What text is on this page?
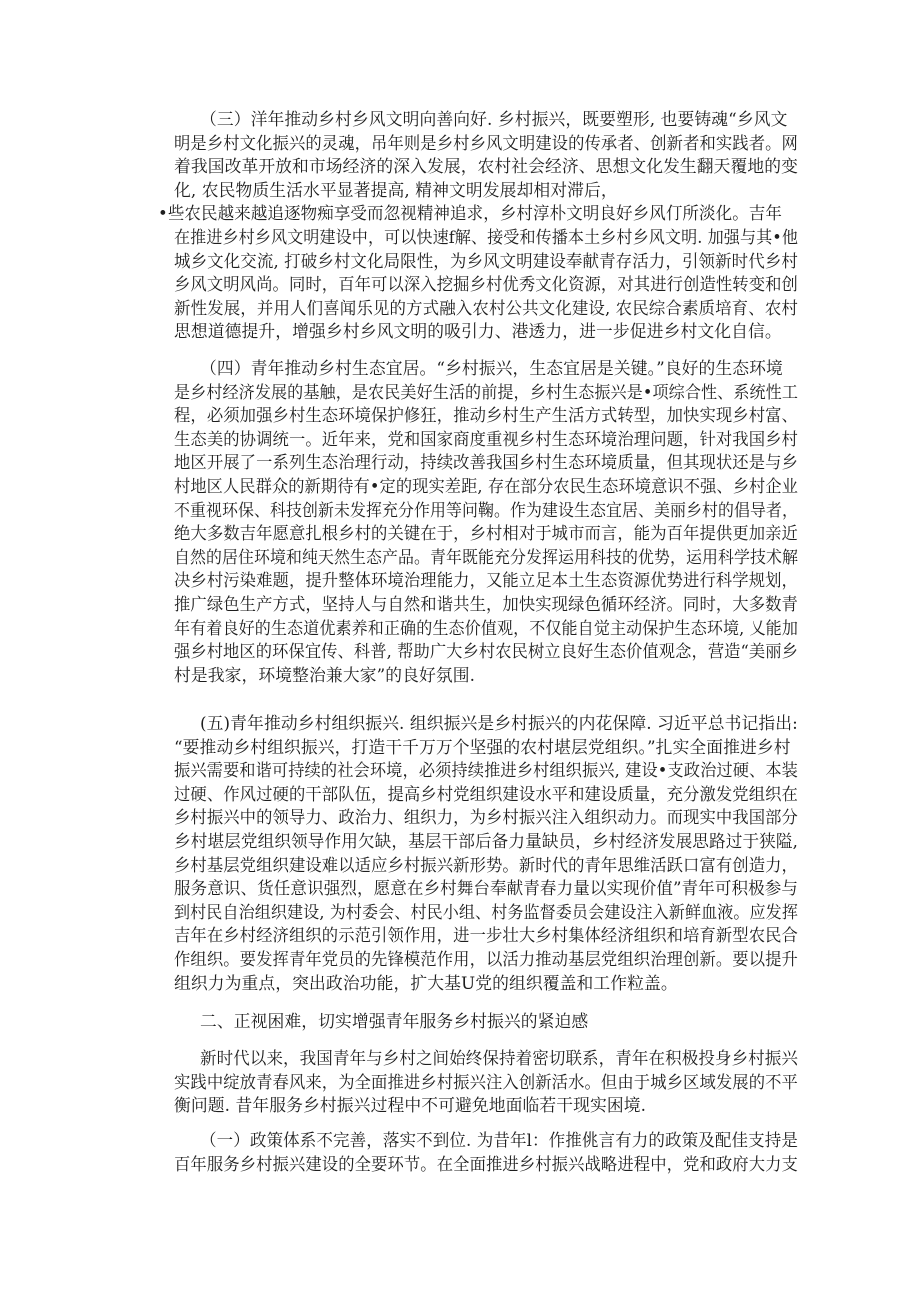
（三）洋年推动乡村乡风文明向善向好. 乡村振兴，既要塑形, 也要铸魂“乡风文
明是乡村文化振兴的灵魂，吊年则是乡村乡风文明建设的传承者、创新者和实践者。网
着我国改革开放和市场经济的深入发展，农村社会经济、思想文化发生翻天覆地的变
化, 农民物质生活水平显著提高, 精神文明发展却相对滞后，
•些农民越来越追逐物痴享受而忽视精神追求，乡村淳朴文明良好乡风仃所淡化。吉年
在推进乡村乡风文明建设中，可以快速f解、接受和传播本土乡村乡风文明. 加强与其•他
城乡文化交流, 打破乡村文化局限性，为乡风文明建设奉献青存活力，引领新时代乡村
乡风文明风尚。同时，百年可以深入挖掘乡村优秀文化资源，对其进行创造性转变和创
新性发展，并用人们喜闻乐见的方式融入农村公共文化建设, 农民综合素质培育、农村
思想道德提升，增强乡村乡风文明的吸引力、港透力，进一步促进乡村文化自信。
（四）青年推动乡村生态宜居。“乡村振兴，生态宜居是关键。”良好的生态环境
是乡村经济发展的基触，是农民美好生活的前提，乡村生态振兴是•项综合性、系统性工
程，必须加强乡村生态环境保护修狂，推动乡村生产生活方式转型，加快实现乡村富、
生态美的协调统一。近年来，党和国家商度重视乡村生态环境治理问题，针对我国乡村
地区开展了一系列生态治理行动，持续改善我国乡村生态环境质量，但其现状还是与乡
村地区人民群众的新期待有•定的现实差距, 存在部分农民生态环境意识不强、乡村企业
不重视环保、科技创新未发挥充分作用等问鞠。作为建设生态宜居、美丽乡村的倡导者，
绝大多数吉年愿意扎根乡村的关键在于，乡村相对于城市而言，能为百年提供更加亲近
自然的居住环境和纯天然生态产品。青年既能充分发挥运用科技的优势，运用科学技术解
决乡村污染难题，提升整体环境治理能力，又能立足本土生态资源优势进行科学规划，
推广绿色生产方式，坚持人与自然和谐共生，加快实现绿色循环经济。同时，大多数青
年有着良好的生态道优素养和正确的生态价值观，不仅能自觉主动保护生态环境, 乂能加
强乡村地区的环保宜传、科普, 帮助广大乡村农民树立良好生态价值观念，营造“美丽乡
村是我家，环境整治兼大家”的良好氛围.
(五)青年推动乡村组织振兴. 组织振兴是乡村振兴的内花保障. 习近平总书记指出:
“要推动乡村组织振兴，打造干千万万个坚强的农村堪层党组织。”扎实全面推进乡村
振兴需要和谐可持续的社会环境，必须持续推进乡村组织振兴, 建设•支政治过硬、本装
过硬、作风过硬的干部队伍，提高乡村党组织建设水平和建设质量，充分激发党组织在
乡村振兴中的领导力、政治力、组织力，为乡村振兴注入组织动力。而现实中我国部分
乡村堪层党组织领导作用欠缺，基层干部后备力量缺员，乡村经济发展思路过于狭隘,
乡村基层党组织建设难以适应乡村振兴新形势。新时代的青年思维活跃口富有创造力，
服务意识、货任意识强烈，愿意在乡村舞台奉献青春力量以实现价值”青年可积极参与
到村民自治组织建设, 为村委会、村民小组、村务监督委员会建设注入新鲜血液。应发挥
吉年在乡村经济组织的示范引领作用，进一步壮大乡村集体经济组织和培育新型农民合
作组织。要发挥青年党员的先锋模范作用，以活力推动基层党组织治理创新。要以提升
组织力为重点，突出政治功能，扩大基U党的组织覆盖和工作粒盖。
二、正视困难，切实增强青年服务乡村振兴的紧迫感
新时代以来，我国青年与乡村之间始终保持着密切联系，青年在积极投身乡村振兴
实践中绽放青春风来，为全面推进乡村振兴注入创新活水。但由于城乡区域发展的不平
衡问题. 昔年服务乡村振兴过程中不可避免地面临若干现实困境.
（一）政策体系不完善，落实不到位. 为昔年l：作推佻言有力的政策及配佳支持是
百年服务乡村振兴建设的全要环节。在全面推进乡村振兴战略进程中，党和政府大力支
